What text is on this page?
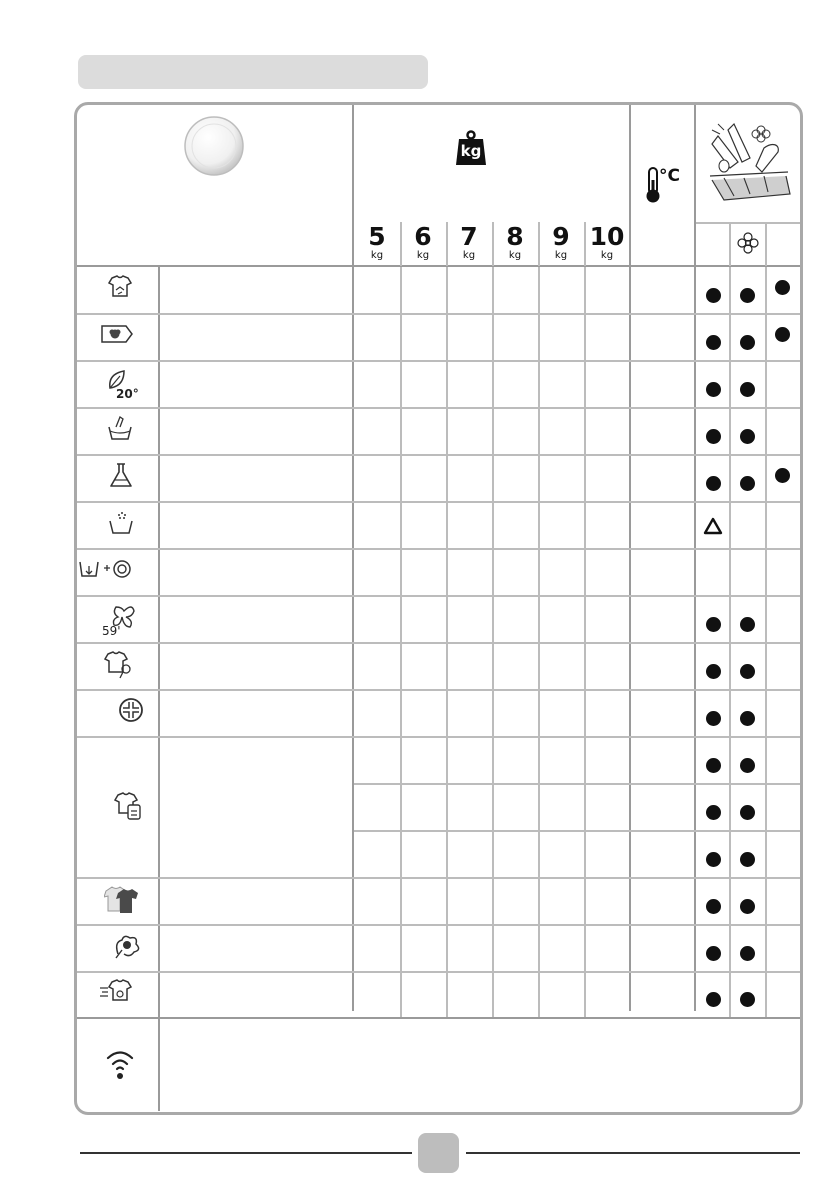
kg
°C
5
kg
6
kg
7
kg
8
kg
9
kg
10
kg
20°
59'
